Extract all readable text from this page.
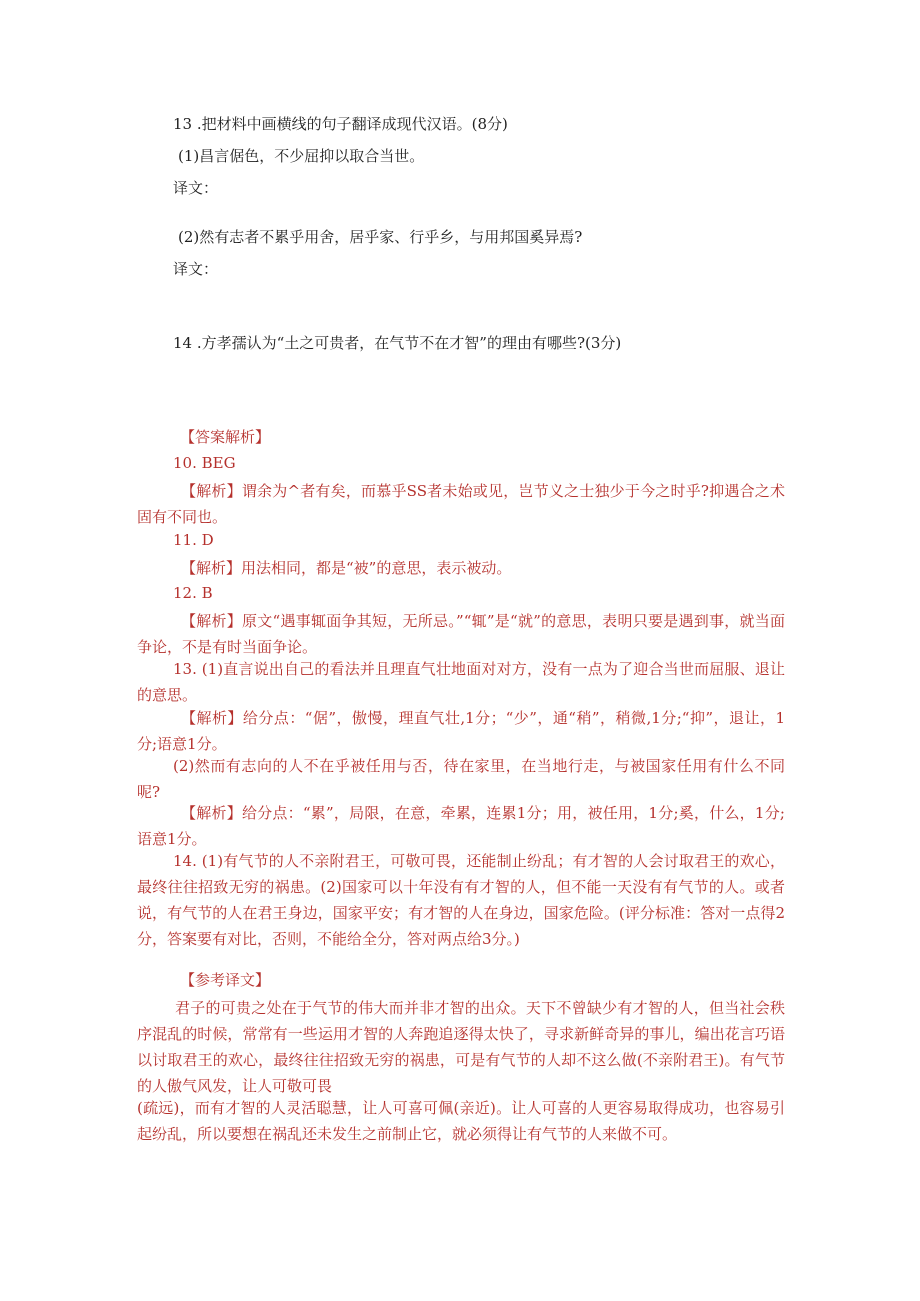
13 .把材料中画横线的句子翻译成现代汉语。(8分)
(1)昌言倨色，不少屈抑以取合当世。
译文：
(2)然有志者不累乎用舍，居乎家、行乎乡，与用邦国奚异焉?
译文：
14 .方孝孺认为“土之可贵者，在气节不在才智”的理由有哪些?(3分)
【答案解析】
10. BEG
【解析】谓余为^者有矣，而慕乎SS者未始或见，岂节义之士独少于今之时乎?抑遇合之术固有不同也。
11. D
【解析】用法相同，都是“被”的意思，表示被动。
12. B
【解析】原文“遇事辄面争其短，无所忌。”“辄”是“就”的意思，表明只要是遇到事，就当面争论，不是有时当面争论。
13. (1)直言说出自己的看法并且理直气壮地面对对方，没有一点为了迎合当世而屈服、退让的意思。
【解析】给分点：“倨”，傲慢，理直气壮,1分；“少”，通“稍”，稍微,1分;“抑”，退让，1分;语意1分。
(2)然而有志向的人不在乎被任用与否，待在家里，在当地行走，与被国家任用有什么不同呢?
【解析】给分点：“累”，局限，在意，牵累，连累1分；用，被任用，1分;奚，什么，1分;语意1分。
14. (1)有气节的人不亲附君王，可敬可畏，还能制止纷乱；有才智的人会讨取君王的欢心，最终往往招致无穷的祸患。(2)国家可以十年没有有才智的人，但不能一天没有有气节的人。或者说，有气节的人在君王身边，国家平安；有才智的人在身边，国家危险。(评分标准：答对一点得2分，答案要有对比，否则，不能给全分，答对两点给3分。)
【参考译文】
君子的可贵之处在于气节的伟大而并非才智的出众。天下不曾缺少有才智的人，但当社会秩序混乱的时候，常常有一些运用才智的人奔跑追逐得太快了，寻求新鲜奇异的事儿，编出花言巧语以讨取君王的欢心，最终往往招致无穷的祸患，可是有气节的人却不这么做(不亲附君王)。有气节的人傲气风发，让人可敬可畏
(疏远)，而有才智的人灵活聪慧，让人可喜可佩(亲近)。让人可喜的人更容易取得成功，也容易引起纷乱，所以要想在祸乱还未发生之前制止它，就必须得让有气节的人来做不可。
